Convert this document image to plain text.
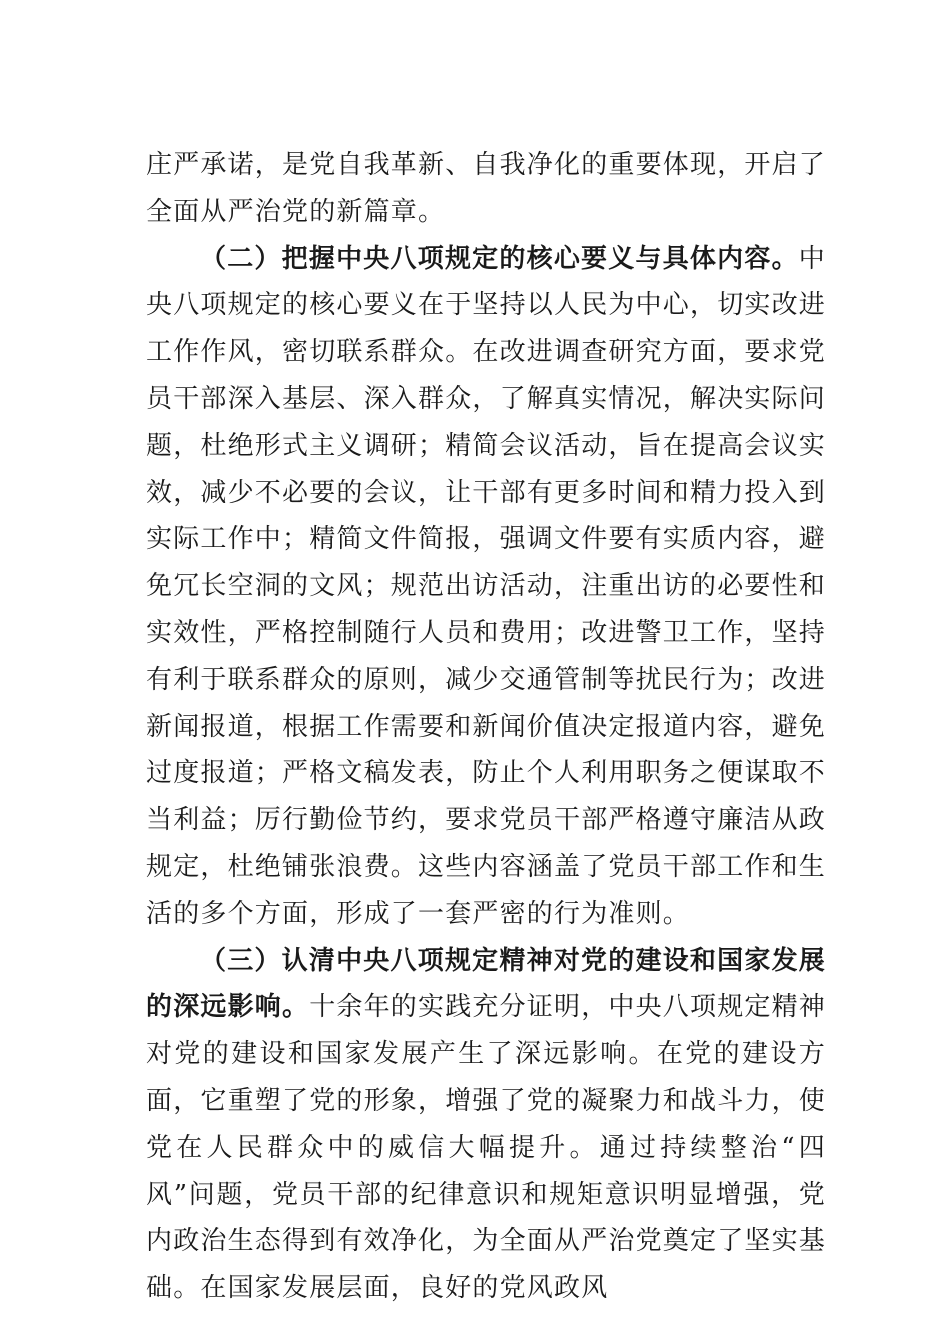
庄严承诺，是党自我革新、自我净化的重要体现，开启了全面从严治党的新篇章。

（二）把握中央八项规定的核心要义与具体内容。中央八项规定的核心要义在于坚持以人民为中心，切实改进工作作风，密切联系群众。在改进调查研究方面，要求党员干部深入基层、深入群众，了解真实情况，解决实际问题，杜绝形式主义调研；精简会议活动，旨在提高会议实效，减少不必要的会议，让干部有更多时间和精力投入到实际工作中；精简文件简报，强调文件要有实质内容，避免冗长空洞的文风；规范出访活动，注重出访的必要性和实效性，严格控制随行人员和费用；改进警卫工作，坚持有利于联系群众的原则，减少交通管制等扰民行为；改进新闻报道，根据工作需要和新闻价值决定报道内容，避免过度报道；严格文稿发表，防止个人利用职务之便谋取不当利益；厉行勤俭节约，要求党员干部严格遵守廉洁从政规定，杜绝铺张浪费。这些内容涵盖了党员干部工作和生活的多个方面，形成了一套严密的行为准则。

（三）认清中央八项规定精神对党的建设和国家发展的深远影响。十余年的实践充分证明，中央八项规定精神对党的建设和国家发展产生了深远影响。在党的建设方面，它重塑了党的形象，增强了党的凝聚力和战斗力，使党在人民群众中的威信大幅提升。通过持续整治“四风”问题，党员干部的纪律意识和规矩意识明显增强，党内政治生态得到有效净化，为全面从严治党奠定了坚实基础。在国家发展层面，良好的党风政风
